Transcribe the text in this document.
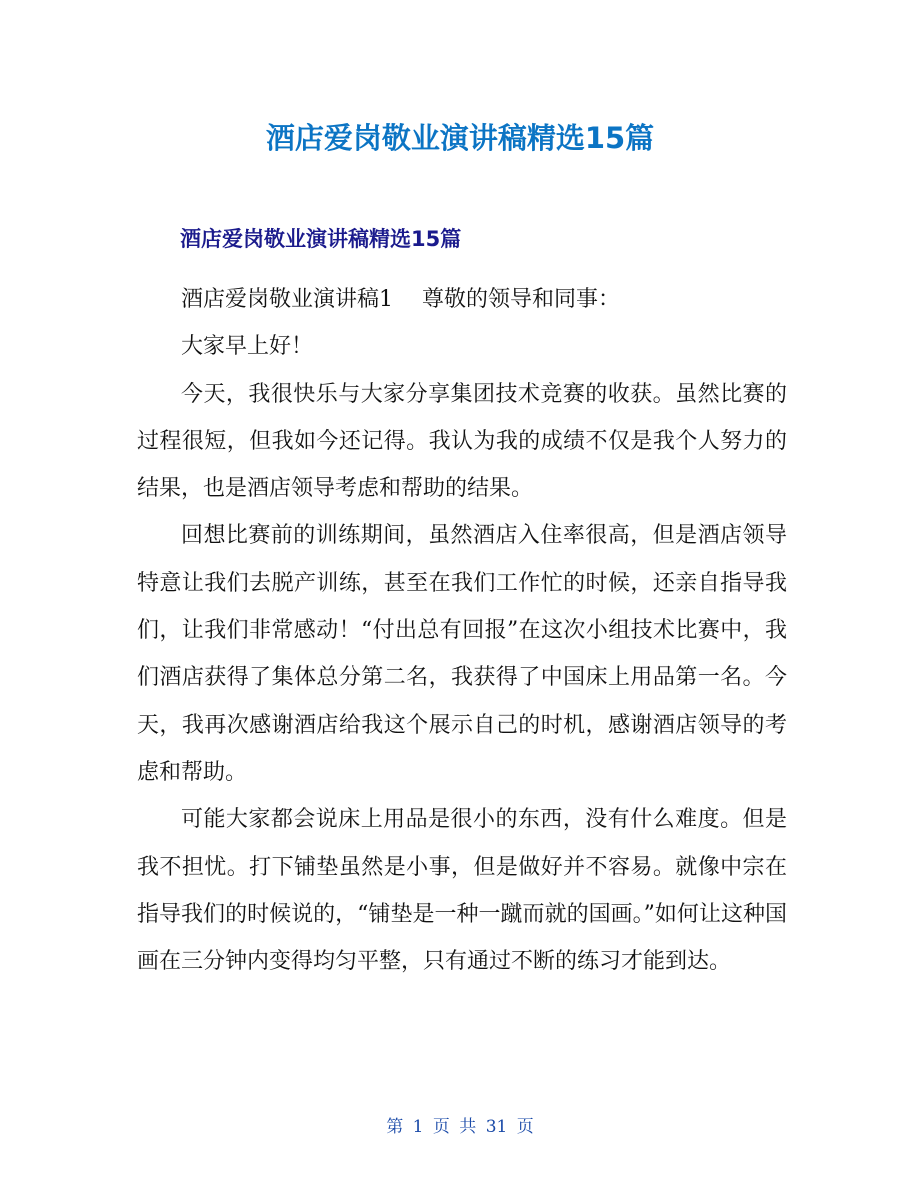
酒店爱岗敬业演讲稿精选15篇
酒店爱岗敬业演讲稿精选15篇

酒店爱岗敬业演讲稿1　 尊敬的领导和同事：

大家早上好！

今天，我很快乐与大家分享集团技术竞赛的收获。虽然比赛的过程很短，但我如今还记得。我认为我的成绩不仅是我个人努力的结果，也是酒店领导考虑和帮助的结果。

回想比赛前的训练期间，虽然酒店入住率很高，但是酒店领导特意让我们去脱产训练，甚至在我们工作忙的时候，还亲自指导我们，让我们非常感动！“付出总有回报”在这次小组技术比赛中，我们酒店获得了集体总分第二名，我获得了中国床上用品第一名。今天，我再次感谢酒店给我这个展示自己的时机，感谢酒店领导的考虑和帮助。

可能大家都会说床上用品是很小的东西，没有什么难度。但是我不担忧。打下铺垫虽然是小事，但是做好并不容易。就像中宗在指导我们的时候说的，“铺垫是一种一蹴而就的国画。”如何让这种国画在三分钟内变得均匀平整，只有通过不断的练习才能到达。

第 1 页 共 31 页
